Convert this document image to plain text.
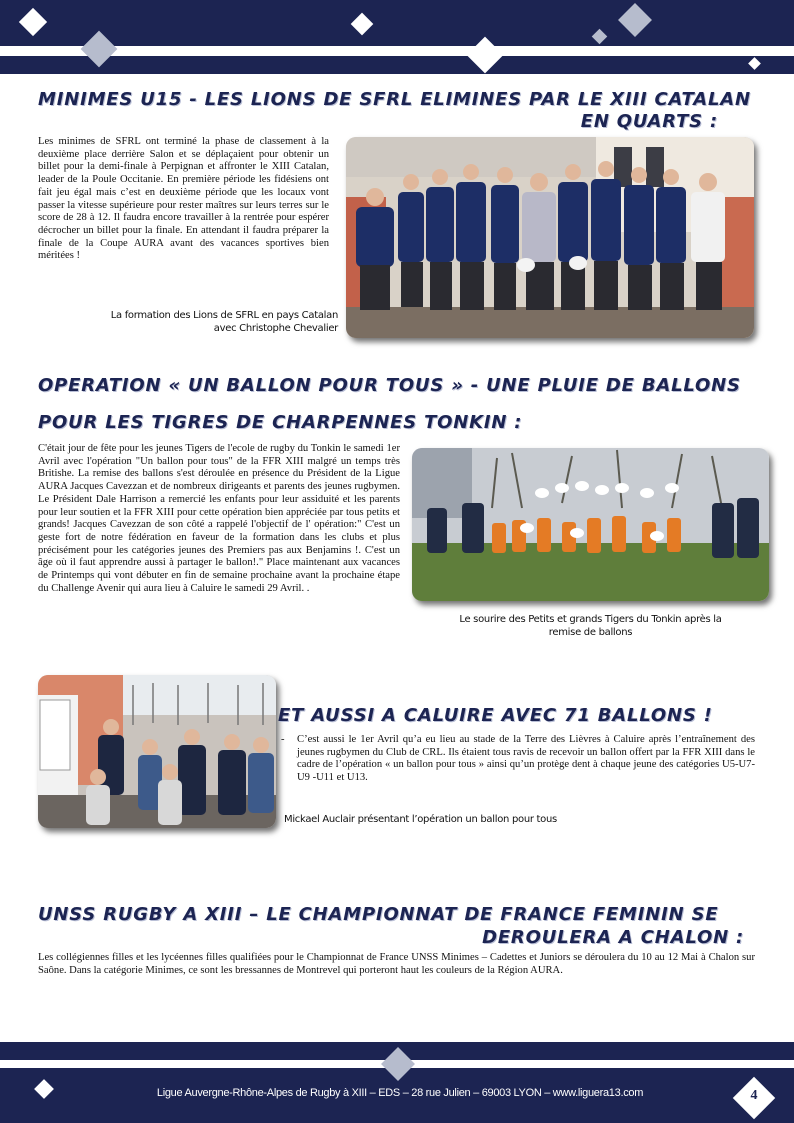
MINIMES U15 - LES LIONS DE SFRL ELIMINES PAR LE XIII CATALAN
EN QUARTS :
Les minimes de SFRL ont terminé la phase de classement à la deuxième place derrière Salon et se déplaçaient pour obtenir un billet pour la demi-finale à Perpignan et affronter le XIII Catalan, leader de la Poule Occitanie. En première période les fidésiens ont fait jeu égal mais c’est en deuxième période que les locaux vont passer la vitesse supérieure pour rester maîtres sur leurs terres sur le score de 28 à 12. Il faudra encore travailler à la rentrée pour espérer décrocher un billet pour la finale. En attendant il faudra préparer la finale de la Coupe AURA avant des vacances sportives bien méritées !
La formation des Lions de SFRL en pays Catalan
avec Christophe Chevalier
OPERATION « UN BALLON POUR TOUS » - UNE PLUIE DE BALLONS
POUR LES TIGRES DE CHARPENNES TONKIN :
C'était jour de fête pour les jeunes Tigers de l'ecole de rugby du Tonkin le samedi 1er Avril avec l'opération "Un ballon pour tous" de la FFR XIII malgré un temps très Britishe. La remise des ballons s'est déroulée en présence du Président de la Ligue AURA Jacques Cavezzan et de nombreux dirigeants et parents des jeunes rugbymen. Le Président Dale Harrison a remercié les enfants pour leur assiduité et les parents pour leur soutien et la FFR XIII pour cette opération bien appréciée par tous petits et grands! Jacques Cavezzan de son côté a rappelé l'objectif de l' opération:" C'est un geste fort de notre fédération en faveur de la formation dans les clubs et plus précisément pour les catégories jeunes des Premiers pas aux Benjamins !. C'est un âge où il faut apprendre aussi à partager le ballon!." Place maintenant aux vacances de Printemps qui vont débuter en fin de semaine prochaine avant la prochaine étape du Challenge Avenir qui aura lieu à Caluire le samedi 29 Avril. .
Le sourire des Petits et grands Tigers du Tonkin après la
remise de ballons
ET AUSSI A CALUIRE AVEC 71 BALLONS !
-	C’est aussi le 1er Avril qu’a eu lieu au stade de la Terre des Lièvres à Caluire après l’entraînement des jeunes rugbymen du Club de CRL. Ils étaient tous ravis de recevoir un ballon offert par la FFR XIII dans le cadre de l’opération « un ballon pour tous » ainsi qu’un protège dent à chaque jeune des catégories U5-U7- U9 -U11 et U13.
Mickael Auclair présentant l’opération un ballon pour tous
UNSS RUGBY A XIII – LE CHAMPIONNAT DE FRANCE FEMININ SE
DEROULERA A CHALON :
Les collégiennes filles et les lycéennes filles qualifiées pour le Championnat de France UNSS Minimes – Cadettes et Juniors se déroulera du 10 au 12 Mai à Chalon sur Saône. Dans la catégorie Minimes, ce sont les bressannes de Montrevel qui porteront haut les couleurs de la Région AURA.
Ligue Auvergne-Rhône-Alpes de Rugby à XIII – EDS – 28 rue Julien – 69003 LYON – www.liguera13.com	4
